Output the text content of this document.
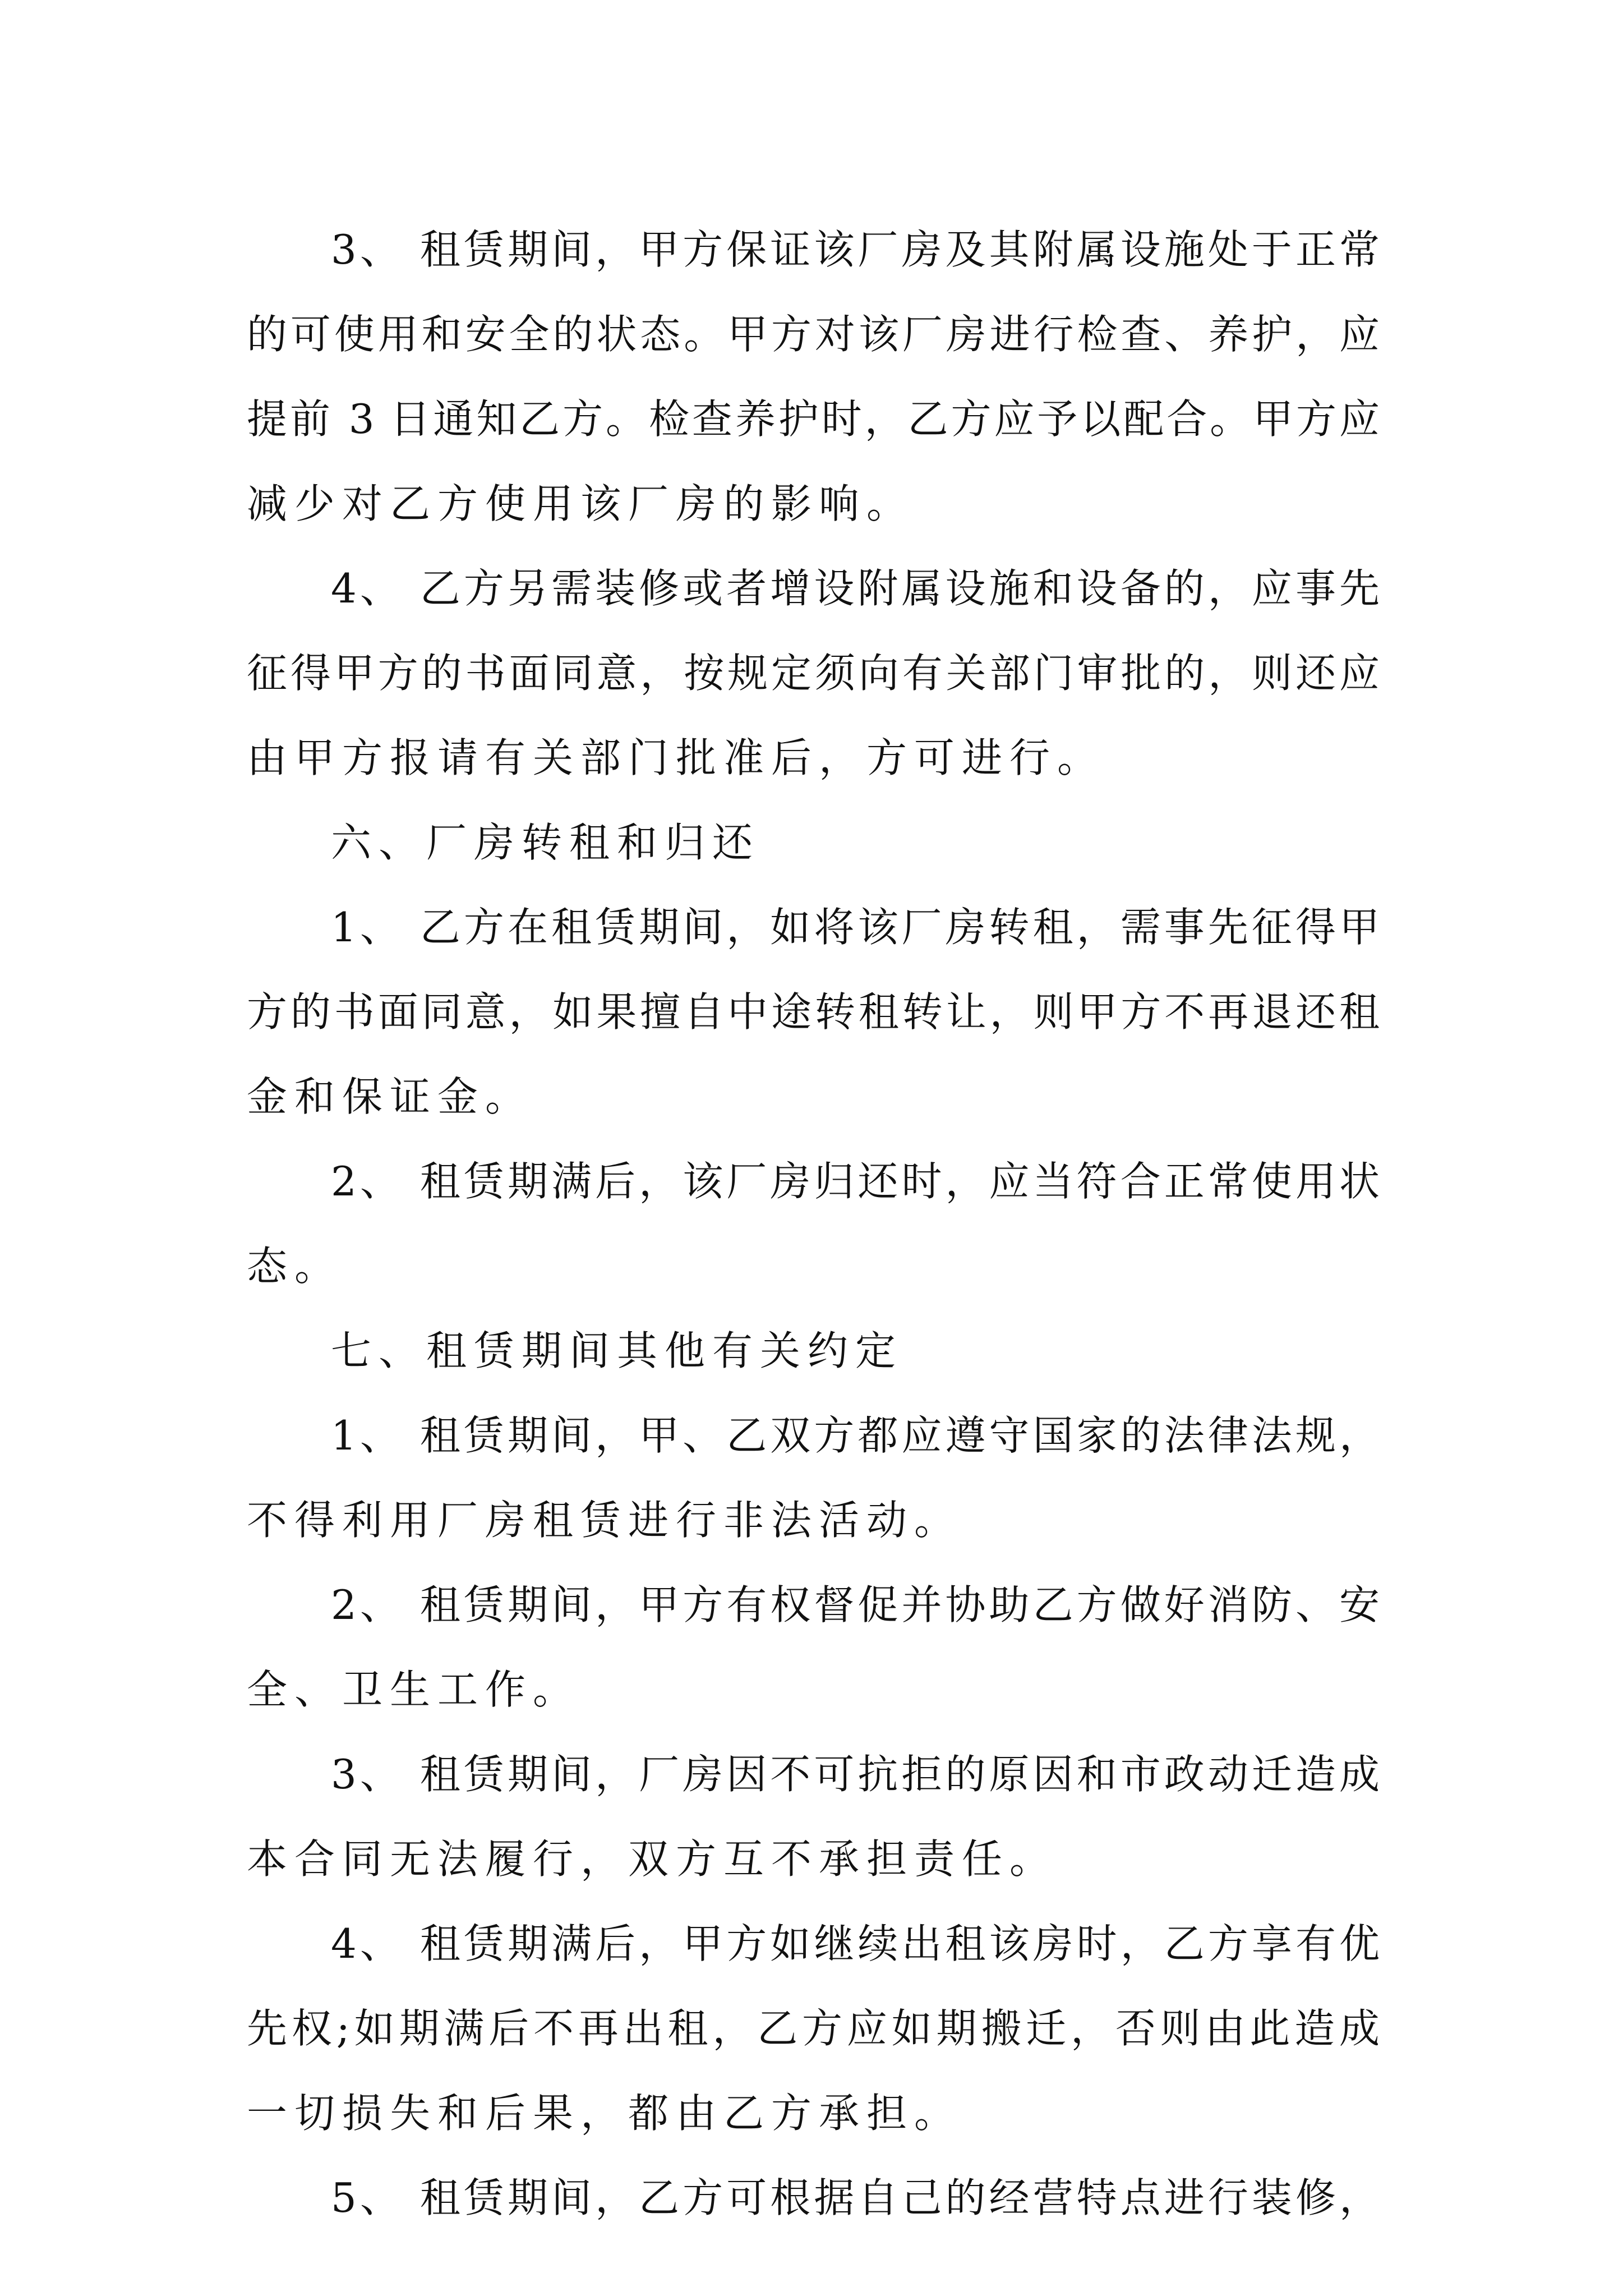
3、 租赁期间，甲方保证该厂房及其附属设施处于正常
的可使用和安全的状态。甲方对该厂房进行检查、养护，应
提前 3 日通知乙方。检查养护时，乙方应予以配合。甲方应
减少对乙方使用该厂房的影响。
4、 乙方另需装修或者增设附属设施和设备的，应事先
征得甲方的书面同意，按规定须向有关部门审批的，则还应
由甲方报请有关部门批准后，方可进行。
六、厂房转租和归还
1、 乙方在租赁期间，如将该厂房转租，需事先征得甲
方的书面同意，如果擅自中途转租转让，则甲方不再退还租
金和保证金。
2、 租赁期满后，该厂房归还时，应当符合正常使用状
态。
七、租赁期间其他有关约定
1、 租赁期间，甲、乙双方都应遵守国家的法律法规，
不得利用厂房租赁进行非法活动。
2、 租赁期间，甲方有权督促并协助乙方做好消防、安
全、卫生工作。
3、 租赁期间，厂房因不可抗拒的原因和市政动迁造成
本合同无法履行，双方互不承担责任。
4、 租赁期满后，甲方如继续出租该房时，乙方享有优
先权;如期满后不再出租，乙方应如期搬迁，否则由此造成
一切损失和后果，都由乙方承担。
5、 租赁期间，乙方可根据自己的经营特点进行装修，
